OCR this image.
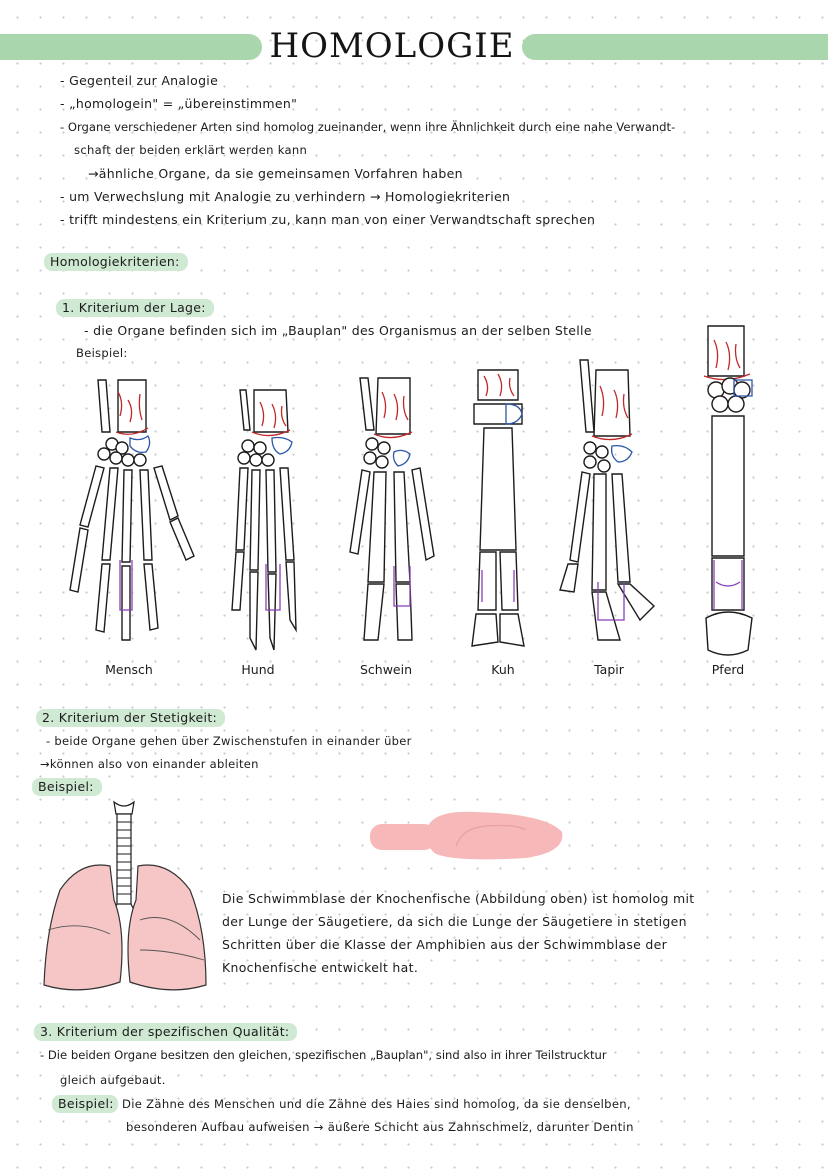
HOMOLOGIE
- Gegenteil zur Analogie
- „homologein" = „übereinstimmen"
- Organe verschiedener Arten sind homolog zueinander, wenn ihre Ähnlichkeit durch eine nahe Verwandt-
schaft der beiden erklärt werden kann
→ähnliche Organe, da sie gemeinsamen Vorfahren haben
- um Verwechslung mit Analogie zu verhindern → Homologiekriterien
- trifft mindestens ein Kriterium zu, kann man von einer Verwandtschaft sprechen
Homologiekriterien:
1. Kriterium der Lage:
- die Organe befinden sich im „Bauplan" des Organismus an der selben Stelle
Beispiel:
Mensch	Hund	Schwein	Kuh	Tapir	Pferd
2. Kriterium der Stetigkeit:
- beide Organe gehen über Zwischenstufen in einander über
→können also von einander ableiten
Beispiel:
Die Schwimmblase der Knochenfische (Abbildung oben) ist homolog mit
der Lunge der Säugetiere, da sich die Lunge der Säugetiere in stetigen
Schritten über die Klasse der Amphibien aus der Schwimmblase der
Knochenfische entwickelt hat.
3. Kriterium der spezifischen Qualität:
- Die beiden Organe besitzen den gleichen, spezifischen „Bauplan", sind also in ihrer Teilstrucktur
gleich aufgebaut.
Beispiel: Die Zähne des Menschen und die Zähne des Haies sind homolog, da sie denselben,
besonderen Aufbau aufweisen → äußere Schicht aus Zahnschmelz, darunter Dentin
